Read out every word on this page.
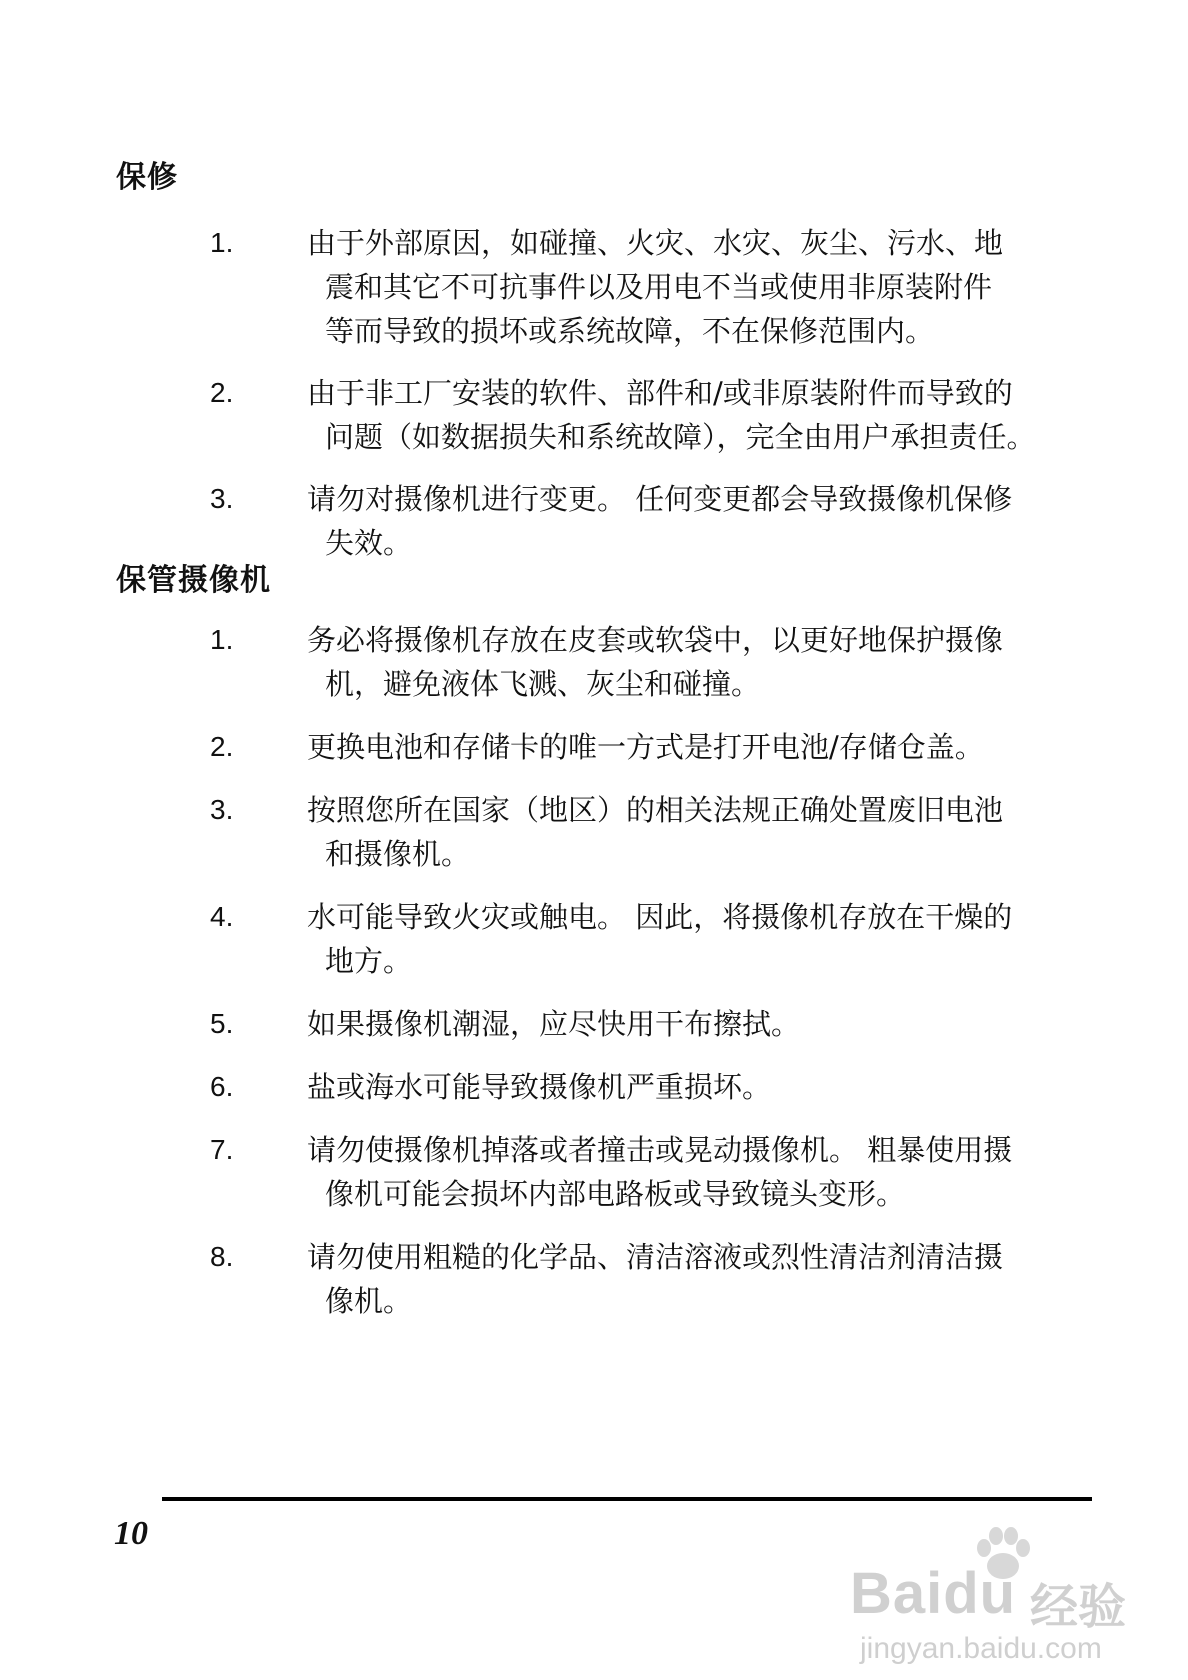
保修
1.	由于外部原因，如碰撞、火灾、水灾、灰尘、污水、地
震和其它不可抗事件以及用电不当或使用非原装附件
等而导致的损坏或系统故障，不在保修范围内。
2.	由于非工厂安装的软件、部件和/或非原装附件而导致的
问题（如数据损失和系统故障），完全由用户承担责任。
3.	请勿对摄像机进行变更。 任何变更都会导致摄像机保修
失效。
保管摄像机
1.	务必将摄像机存放在皮套或软袋中，以更好地保护摄像
机，避免液体飞溅、灰尘和碰撞。
2.	更换电池和存储卡的唯一方式是打开电池/存储仓盖。
3.	按照您所在国家（地区）的相关法规正确处置废旧电池
和摄像机。
4.	水可能导致火灾或触电。 因此，将摄像机存放在干燥的
地方。
5.	如果摄像机潮湿，应尽快用干布擦拭。
6.	盐或海水可能导致摄像机严重损坏。
7.	请勿使摄像机掉落或者撞击或晃动摄像机。 粗暴使用摄
像机可能会损坏内部电路板或导致镜头变形。
8.	请勿使用粗糙的化学品、清洁溶液或烈性清洁剂清洁摄
像机。
10
Baidu 经验
jingyan.baidu.com
